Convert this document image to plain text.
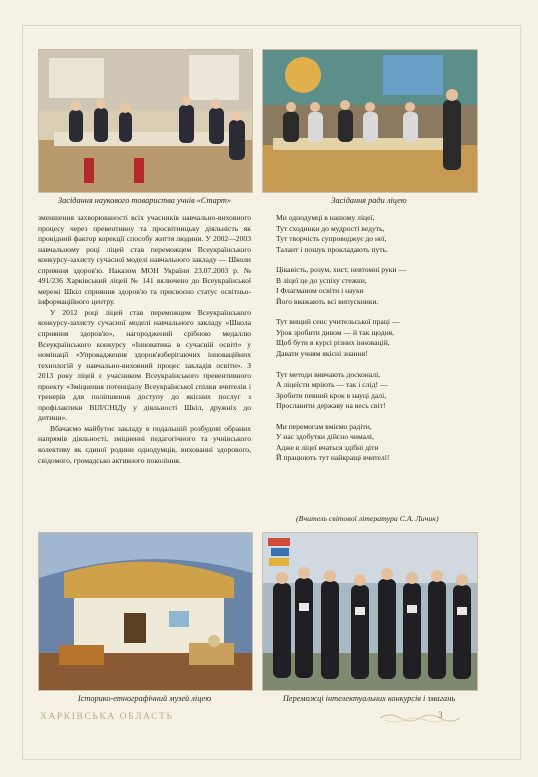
Засідання наукового товариства учнів «Старт»	Засідання ради ліцею

зменшення захворюваності всіх учасників навчально-виховного процесу через превентивну та просвітницьку діяльність як провідний фактор корекції способу життя людини. У 2002—2003 навчальному році ліцей став переможцем Всеукраїнського конкурсу-захисту сучасної моделі навчального закладу — Школи сприяння здоров'ю. Наказом МОН України 23.07.2003 р. № 491/236 Харківський ліцей № 141 включено до Всеукраїнської мережі Шкіл сприяння здоров'ю та присвоєно статус освітньо-інформаційного центру.

У 2012 році ліцей став переможцем Всеукраїнського конкурсу-захисту сучасної моделі навчального закладу «Школа сприяння здоров'ю», нагороджений срібною медаллю Всеукраїнського конкурсу «Інноватика в сучасній освіті» у номінації «Упровадження здоров'язберігаючих інноваційних технологій у навчально-виховний процес закладів освіти». З 2013 року ліцей є учасником Всеукраїнського превентивного проекту «Зміцнення потенціалу Всеукраїнської спілки вчителів і тренерів для поліпшення доступу до якісних послуг з профілактики ВІЛ/СНІДу у діяльності Шкіл, дружніх до дитини».

Вбачаємо майбутнє закладу в подальшій розбудові обраних напрямів діяльності, зміцненні педагогічного та учнівського колективу як єдиної родини однодумців, вихованні здорового, свідомого, громадсько активного покоління.

Ми однодумці в нашому ліцеї,

Тут сходинки до мудрості ведуть,

Тут творчість супроводжує до неї,

Талант і пошук прокладають путь.

Цікавість, розум, хист, невтомні руки —

В ліцеї це до успіху стежки,

І Флагманом освіти і науки

Його вважають всі випускники.

Тут вищий сенс учительської праці —

Урок зробити дивом — й так щодня,

Щоб бути в курсі різних інновацій,

Давати учням якісні знання!

Тут методи вивчають досконалі,

А ліцеїсти мріють — так і слід! —

Зробити певний крок в науці далі,

Прославити державу на весь світ!

Ми перемогам вміємо радіти,

У нас здобутки дійсно чималі,

Адже в ліцеї вчаться здібні діти

Й працюють тут найкращі вчителі!

(Вчитель світової літератури С.А. Личик)
Історико-етнографічний музей ліцею	Переможці інтелектуальних конкурсів і змагань
ХАРКІВСЬКА ОБЛАСТЬ	3
